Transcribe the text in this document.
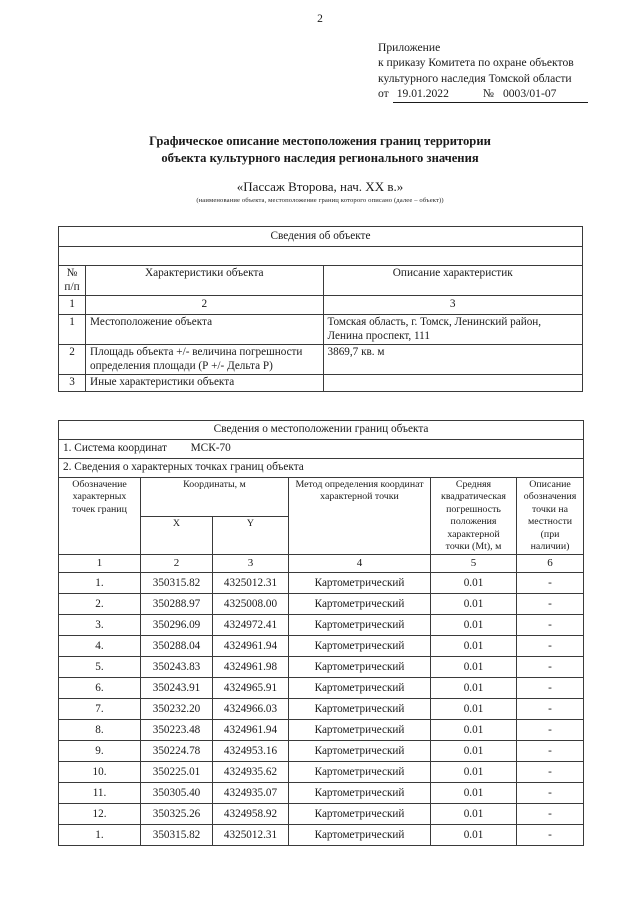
2
Приложение
к приказу Комитета по охране объектов
культурного наследия Томской области
от 19.01.2022	№ 0003/01-07
Графическое описание местоположения границ территории
объекта культурного наследия регионального значения
«Пассаж Второва, нач. XX в.»
(наименование объекта, местоположение границ которого описано (далее – объект))
Сведения об объекте		

№
п/п	Характеристики объекта	Описание характеристик
1	2	3
1	Местоположение объекта	Томская область, г. Томск, Ленинский район, Ленина проспект, 111
2	Площадь объекта +/- величина погрешности определения площади (Р +/- Дельта Р)	3869,7 кв. м
3	Иные характеристики объекта	
Сведения о местоположении границ объекта					
1. Система координат МСК-70					
2. Сведения о характерных точках границ объекта					
Обозначение характерных точек границ	Координаты, м		Метод определения координат характерной точки	Средняя квадратическая погрешность положения характерной точки (Mt), м	Описание обозначения точки на местности (при наличии)
	X	Y			
1	2	3	4	5	6
1.	350315.82	4325012.31	Картометрический	0.01	-
2.	350288.97	4325008.00	Картометрический	0.01	-
3.	350296.09	4324972.41	Картометрический	0.01	-
4.	350288.04	4324961.94	Картометрический	0.01	-
5.	350243.83	4324961.98	Картометрический	0.01	-
6.	350243.91	4324965.91	Картометрический	0.01	-
7.	350232.20	4324966.03	Картометрический	0.01	-
8.	350223.48	4324961.94	Картометрический	0.01	-
9.	350224.78	4324953.16	Картометрический	0.01	-
10.	350225.01	4324935.62	Картометрический	0.01	-
11.	350305.40	4324935.07	Картометрический	0.01	-
12.	350325.26	4324958.92	Картометрический	0.01	-
1.	350315.82	4325012.31	Картометрический	0.01	-
